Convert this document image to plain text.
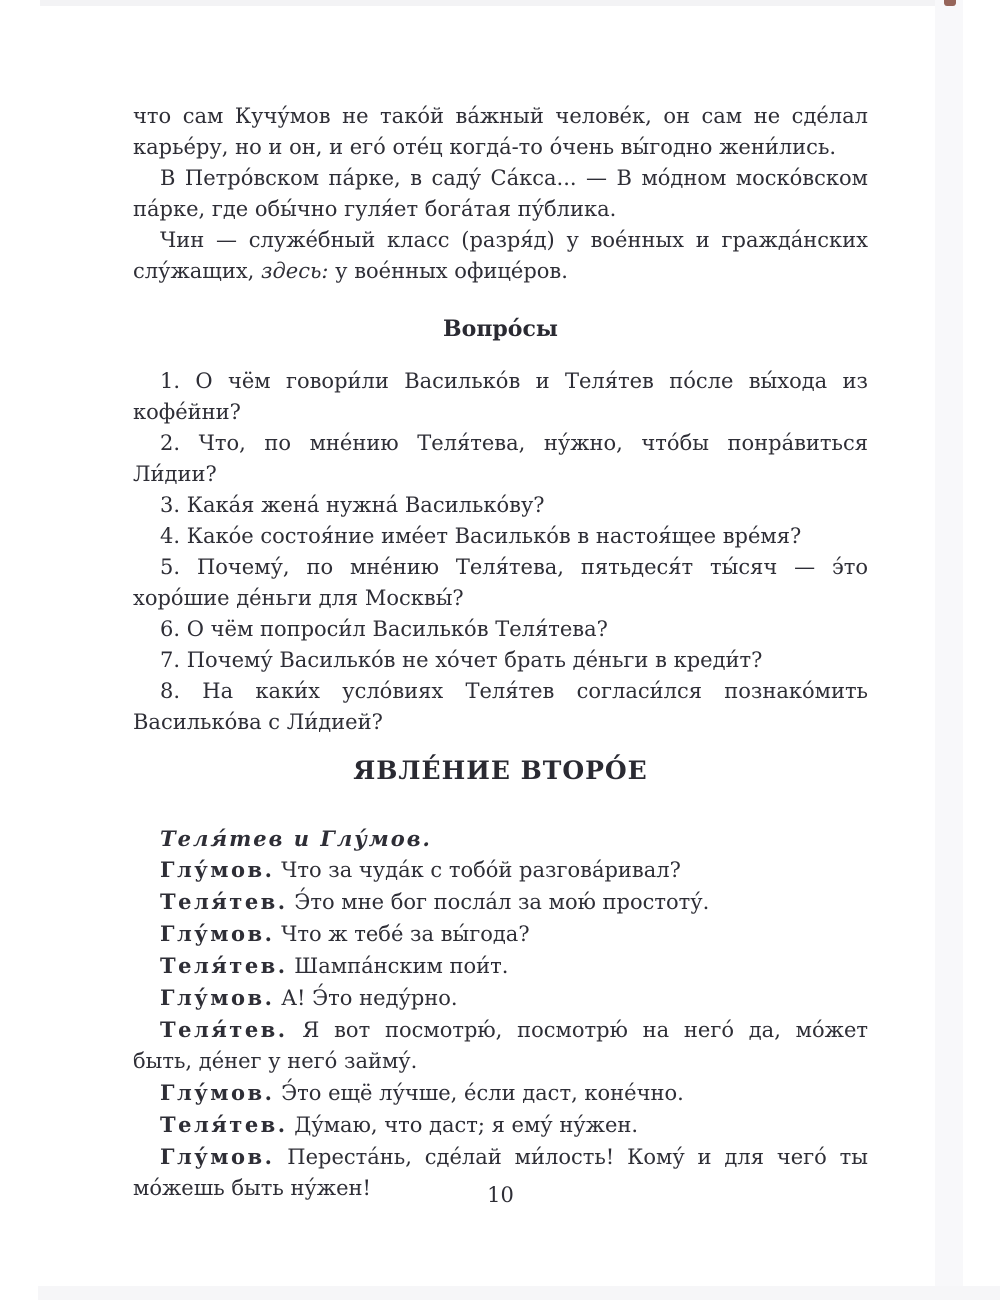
что сам Кучу́мов не тако́й ва́жный челове́к, он сам не сде́лал карье́ру, но и он, и его́ оте́ц когда́-то о́чень вы́годно жени́лись.

В Петро́вском па́рке, в саду́ Са́кса... — В мо́дном моско́вском па́рке, где обы́чно гуля́ет бога́тая пу́блика.

Чин — служе́бный класс (разря́д) у вое́нных и гражда́нских слу́жащих, здесь: у вое́нных офице́ров.

Вопро́сы

1. О чём говори́ли Василько́в и Теля́тев по́сле вы́хода из кофе́йни?

2. Что, по мне́нию Теля́тева, ну́жно, что́бы понра́виться Ли́дии?

3. Кака́я жена́ нужна́ Василько́ву?

4. Како́е состоя́ние име́ет Василько́в в настоя́щее вре́мя?

5. Почему́, по мне́нию Теля́тева, пятьдеся́т ты́сяч — э́то хоро́шие де́ньги для Москвы́?

6. О чём попроси́л Василько́в Теля́тева?

7. Почему́ Василько́в не хо́чет брать де́ньги в креди́т?

8. На каки́х усло́виях Теля́тев согласи́лся познако́мить Василько́ва с Ли́дией?

ЯВЛЕ́НИЕ ВТОРО́Е

Теля́тев и Глу́мов.

Глу́мов. Что за чуда́к с тобо́й разгова́ривал?

Теля́тев. Э́то мне бог посла́л за мою́ простоту́.

Глу́мов. Что ж тебе́ за вы́года?

Теля́тев. Шампа́нским пои́т.

Глу́мов. А! Э́то неду́рно.

Теля́тев. Я вот посмотрю́, посмотрю́ на него́ да, мо́жет быть, де́нег у него́ займу́.

Глу́мов. Э́то ещё лу́чше, е́сли даст, коне́чно.

Теля́тев. Ду́маю, что даст; я ему́ ну́жен.

Глу́мов. Переста́нь, сде́лай ми́лость! Кому́ и для чего́ ты мо́жешь быть ну́жен!	10
